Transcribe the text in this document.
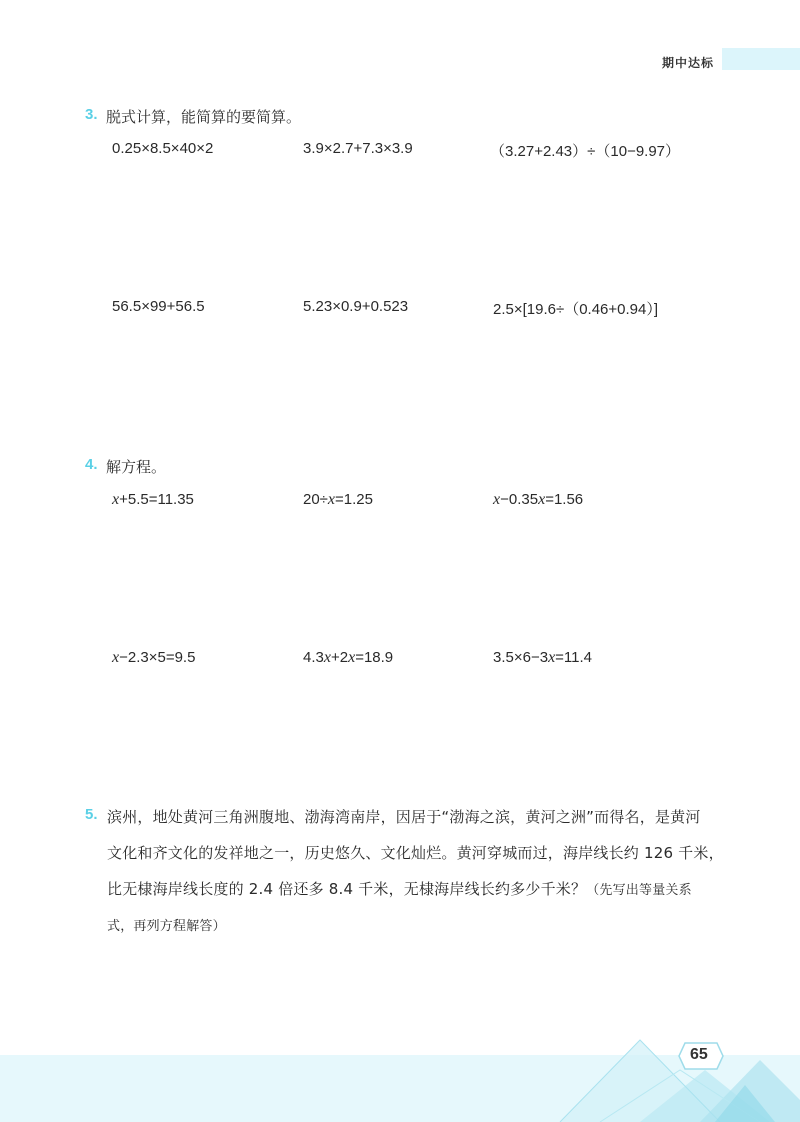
期中达标
3. 脱式计算，能简算的要简算。
0.25×8.5×40×2	3.9×2.7+7.3×3.9	（3.27+2.43）÷（10−9.97）
56.5×99+56.5	5.23×0.9+0.523	2.5×[19.6÷（0.46+0.94）]
4. 解方程。
x+5.5=11.35	20÷x=1.25	x−0.35x=1.56
x−2.3×5=9.5	4.3x+2x=18.9	3.5×6−3x=11.4
5. 滨州，地处黄河三角洲腹地、渤海湾南岸，因居于“渤海之滨，黄河之洲”而得名，是黄河
文化和齐文化的发祥地之一，历史悠久、文化灿烂。黄河穿城而过，海岸线长约 126 千米，
比无棣海岸线长度的 2.4 倍还多 8.4 千米，无棣海岸线长约多少千米？（先写出等量关系
式，再列方程解答）
65
